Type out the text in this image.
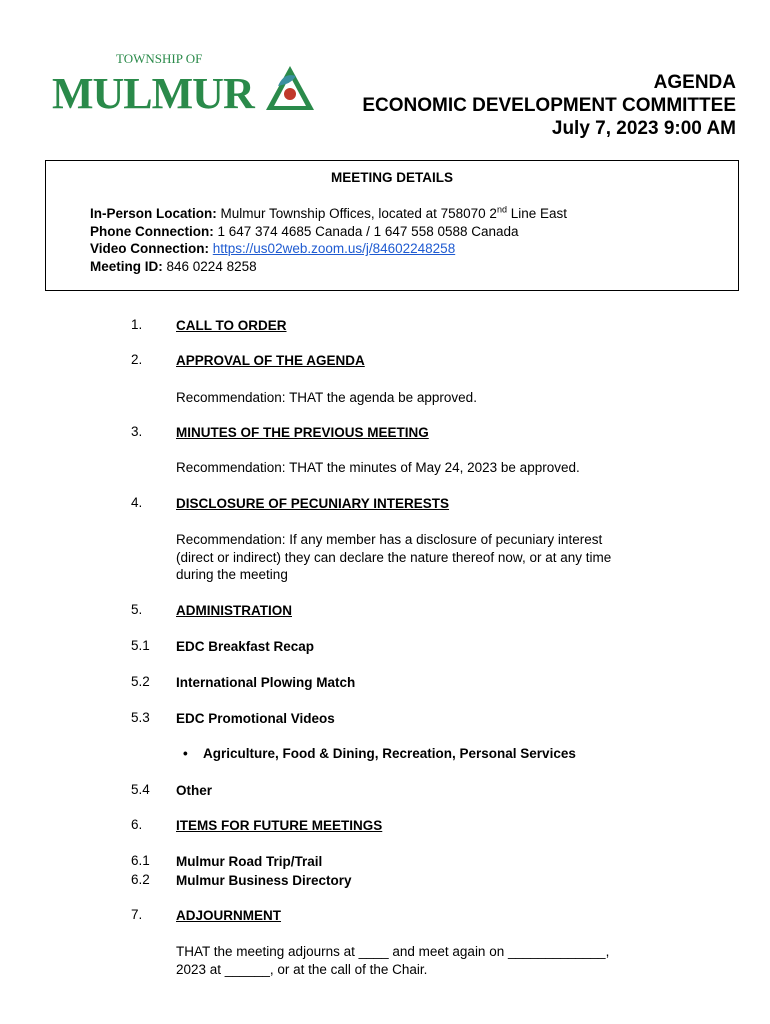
TOWNSHIP OF
MULMUR	AGENDA
ECONOMIC DEVELOPMENT COMMITTEE
July 7, 2023 9:00 AM
MEETING DETAILS
In-Person Location: Mulmur Township Offices, located at 758070 2nd Line East
Phone Connection: 1 647 374 4685 Canada / 1 647 558 0588 Canada
Video Connection: https://us02web.zoom.us/j/84602248258
Meeting ID: 846 0224 8258
1. CALL TO ORDER
2. APPROVAL OF THE AGENDA
Recommendation: THAT the agenda be approved.
3. MINUTES OF THE PREVIOUS MEETING
Recommendation: THAT the minutes of May 24, 2023 be approved.
4. DISCLOSURE OF PECUNIARY INTERESTS
Recommendation: If any member has a disclosure of pecuniary interest
(direct or indirect) they can declare the nature thereof now, or at any time
during the meeting
5. ADMINISTRATION
5.1 EDC Breakfast Recap
5.2 International Plowing Match
5.3 EDC Promotional Videos
• Agriculture, Food & Dining, Recreation, Personal Services
5.4 Other
6. ITEMS FOR FUTURE MEETINGS
6.1 Mulmur Road Trip/Trail
6.2 Mulmur Business Directory
7. ADJOURNMENT
THAT the meeting adjourns at ____ and meet again on _____________,
2023 at ______, or at the call of the Chair.
